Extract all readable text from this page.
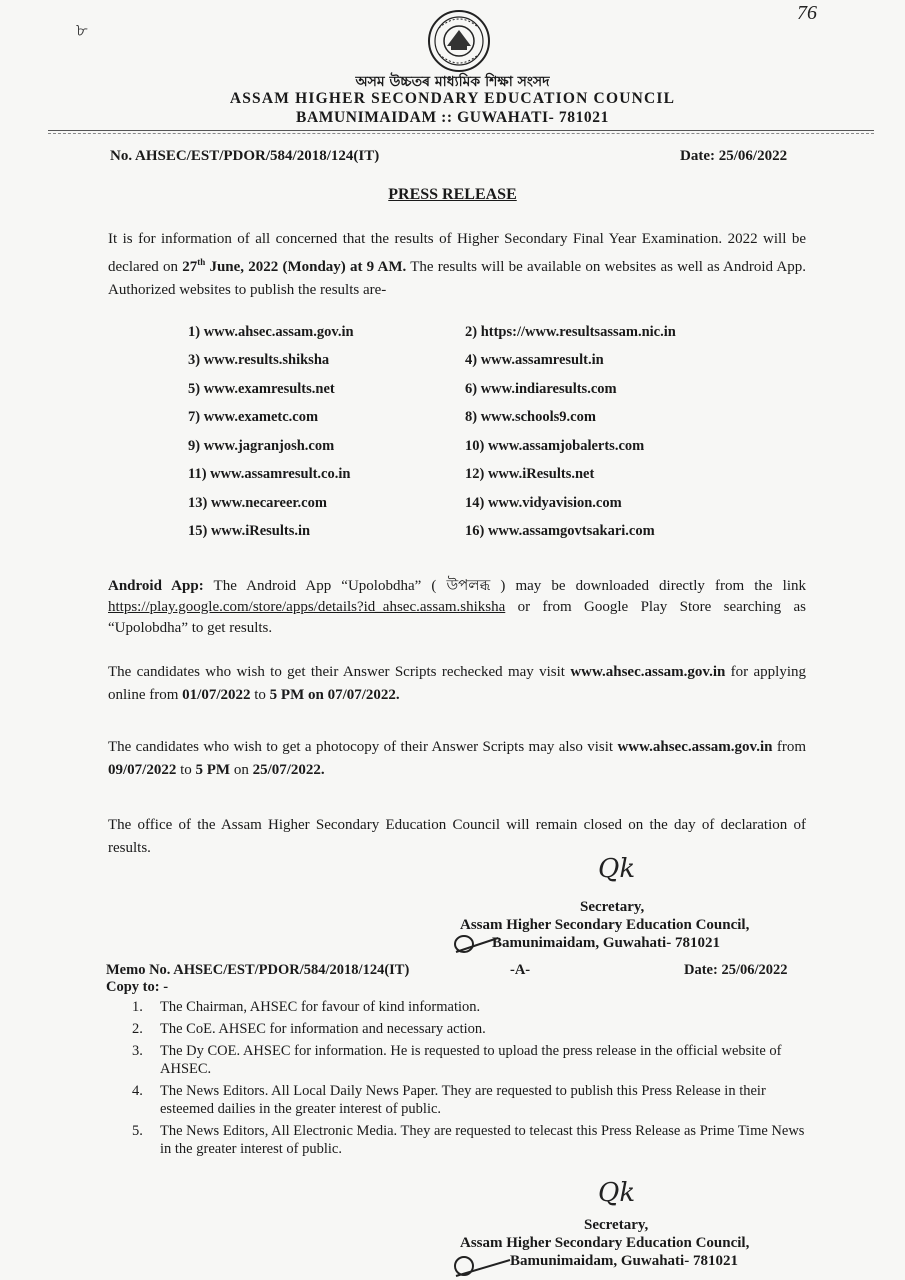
76
৮
অসম উচ্চতৰ মাধ্যমিক শিক্ষা সংসদ
ASSAM HIGHER SECONDARY EDUCATION COUNCIL
BAMUNIMAIDAM :: GUWAHATI- 781021
No. AHSEC/EST/PDOR/584/2018/124(IT)	Date: 25/06/2022
PRESS RELEASE
It is for information of all concerned that the results of Higher Secondary Final Year Examination. 2022 will be declared on 27th June, 2022 (Monday) at 9 AM. The results will be available on websites as well as Android App. Authorized websites to publish the results are-
1) www.ahsec.assam.gov.in	2) https://www.resultsassam.nic.in
3) www.results.shiksha	4) www.assamresult.in
5) www.examresults.net	6) www.indiaresults.com
7) www.exametc.com	8) www.schools9.com
9) www.jagranjosh.com	10) www.assamjobalerts.com
11) www.assamresult.co.in	12) www.iResults.net
13) www.necareer.com	14) www.vidyavision.com
15) www.iResults.in	16) www.assamgovtsakari.com
Android App: The Android App “Upolobdha” ( উপলব্ধ ) may be downloaded directly from the link https://play.google.com/store/apps/details?id_ahsec.assam.shiksha or from Google Play Store searching as “Upolobdha” to get results.
The candidates who wish to get their Answer Scripts rechecked may visit www.ahsec.assam.gov.in for applying online from 01/07/2022 to 5 PM on 07/07/2022.
The candidates who wish to get a photocopy of their Answer Scripts may also visit www.ahsec.assam.gov.in from 09/07/2022 to 5 PM on 25/07/2022.
The office of the Assam Higher Secondary Education Council will remain closed on the day of declaration of results.
Qk
Secretary,
Assam Higher Secondary Education Council,
Bamunimaidam, Guwahati- 781021
Memo No. AHSEC/EST/PDOR/584/2018/124(IT)	-A-	Date: 25/06/2022
Copy to: -
1.	The Chairman, AHSEC for favour of kind information.
2.	The CoE. AHSEC for information and necessary action.
3.	The Dy COE. AHSEC for information. He is requested to upload the press release in the official website of AHSEC.
4.	The News Editors. All Local Daily News Paper. They are requested to publish this Press Release in their esteemed dailies in the greater interest of public.
5.	The News Editors, All Electronic Media. They are requested to telecast this Press Release as Prime Time News in the greater interest of public.
Qk
Secretary,
Assam Higher Secondary Education Council,
Bamunimaidam, Guwahati- 781021
